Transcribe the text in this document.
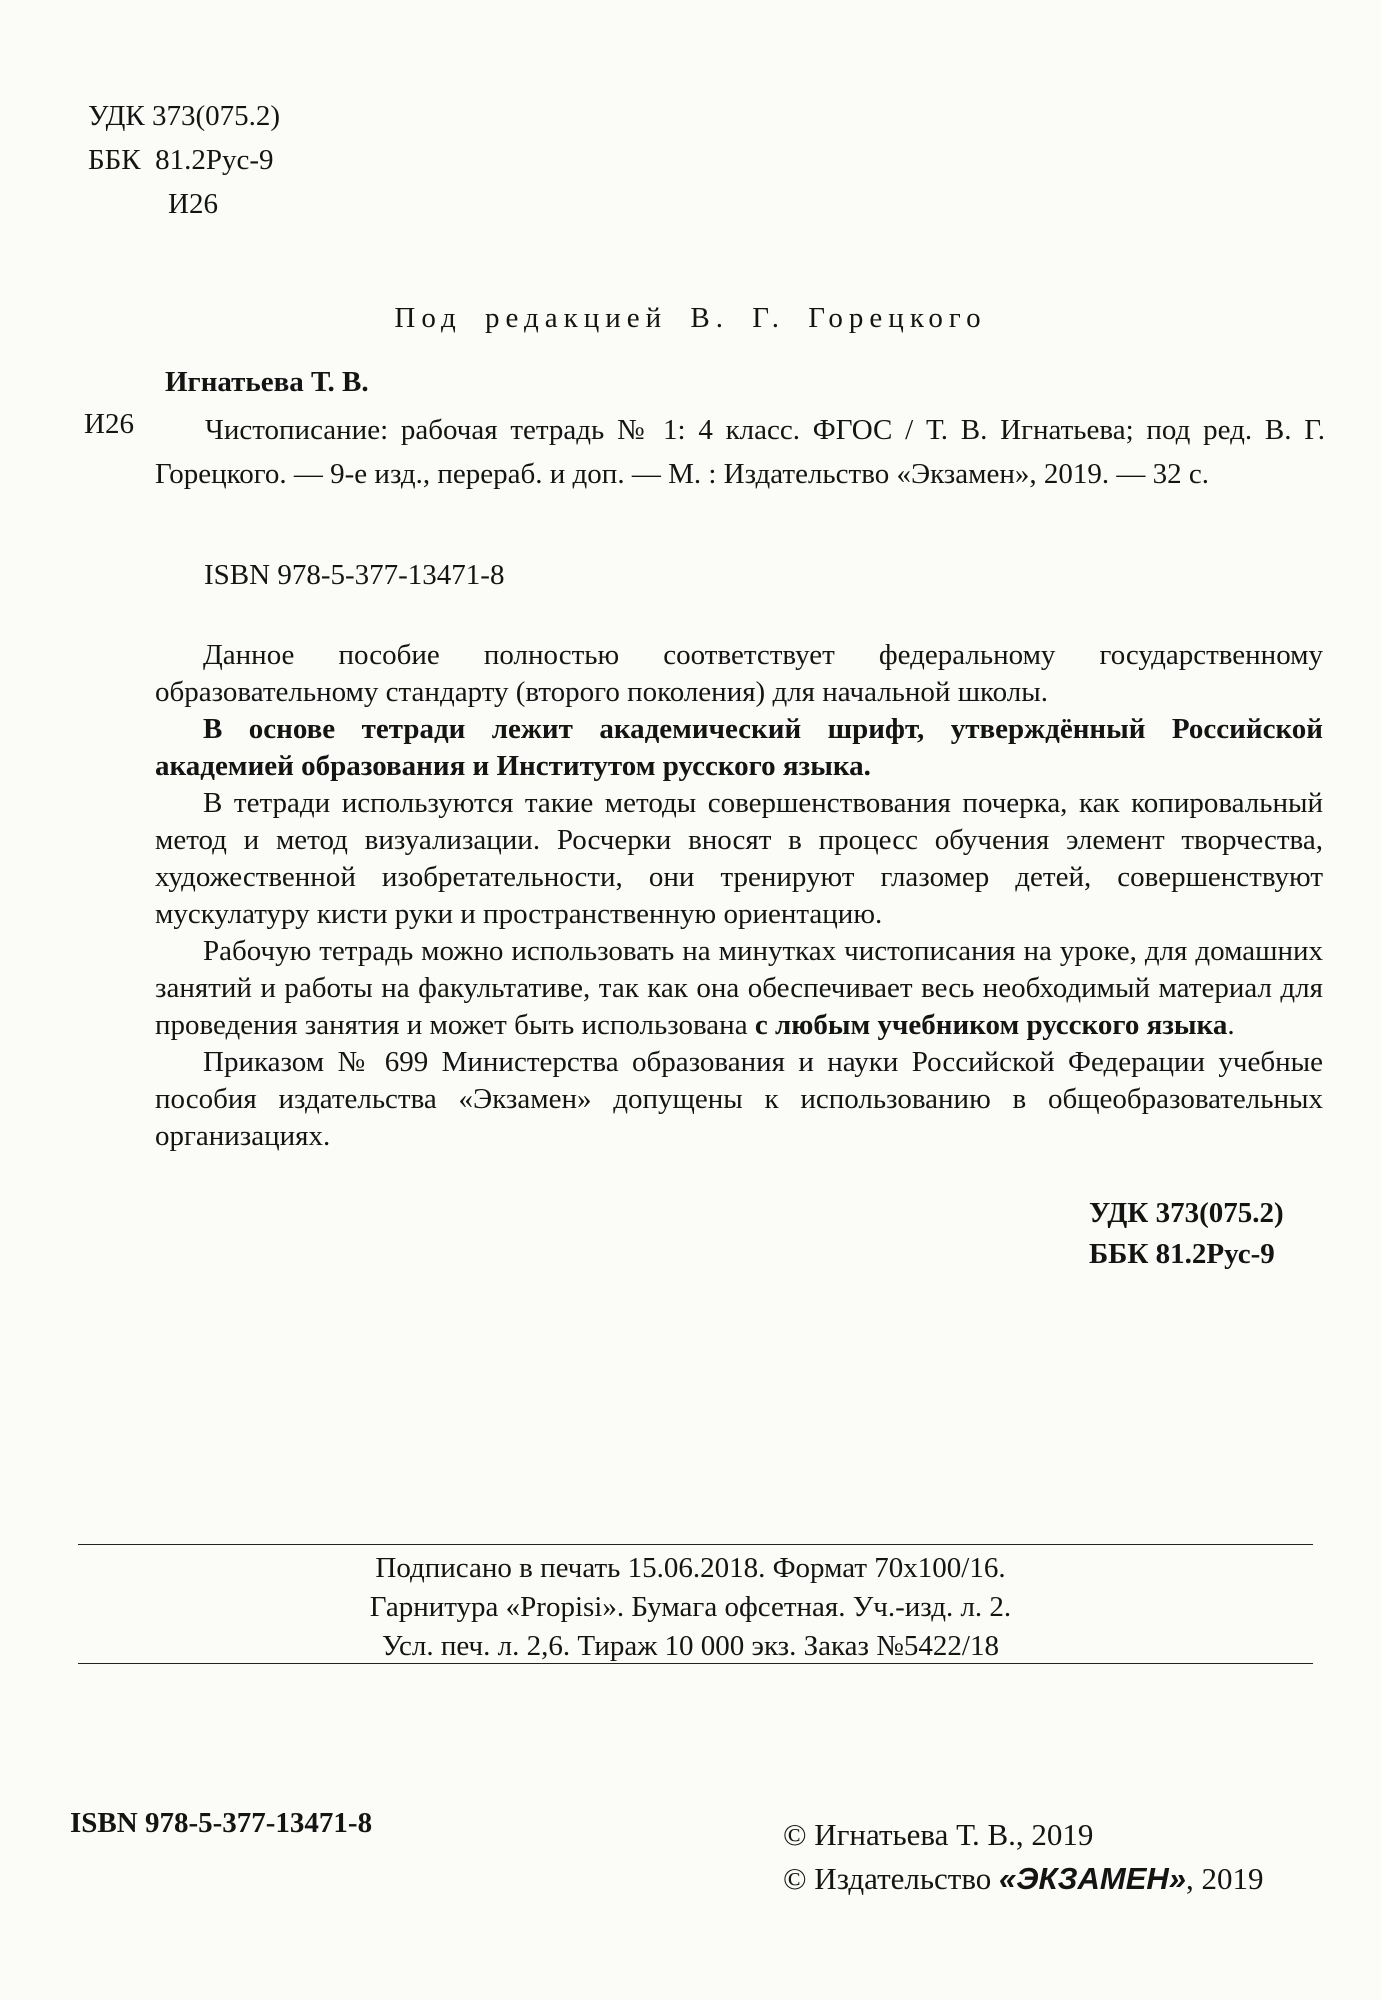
УДК 373(075.2)
ББК  81.2Рус-9
И26
Под редакцией В. Г. Горецкого
Игнатьева Т. В.
И26	Чистописание: рабочая тетрадь № 1: 4 класс. ФГОС / Т. В. Игнатьева; под ред. В. Г. Горецкого. — 9-е изд., перераб. и доп. — М. : Издательство «Экзамен», 2019. — 32 с.

ISBN 978-5-377-13471-8

Данное пособие полностью соответствует федеральному государственному образовательному стандарту (второго поколения) для начальной школы.

В основе тетради лежит академический шрифт, утверждённый Российской академией образования и Институтом русского языка.

В тетради используются такие методы совершенствования почерка, как копировальный метод и метод визуализации. Росчерки вносят в процесс обучения элемент творчества, художественной изобретательности, они тренируют глазомер детей, совершенствуют мускулатуру кисти руки и пространственную ориентацию.

Рабочую тетрадь можно использовать на минутках чистописания на уроке, для домашних занятий и работы на факультативе, так как она обеспечивает весь необходимый материал для проведения занятия и может быть использована с любым учебником русского языка.

Приказом № 699 Министерства образования и науки Российской Федерации учебные пособия издательства «Экзамен» допущены к использованию в общеобразовательных организациях.

УДК 373(075.2)
ББК 81.2Рус-9
Подписано в печать 15.06.2018. Формат 70х100/16.
Гарнитура «Propisi». Бумага офсетная. Уч.-изд. л. 2.
Усл. печ. л. 2,6. Тираж 10 000 экз. Заказ №5422/18
ISBN 978-5-377-13471-8	© Игнатьева Т. В., 2019
© Издательство «ЭКЗАМЕН», 2019
